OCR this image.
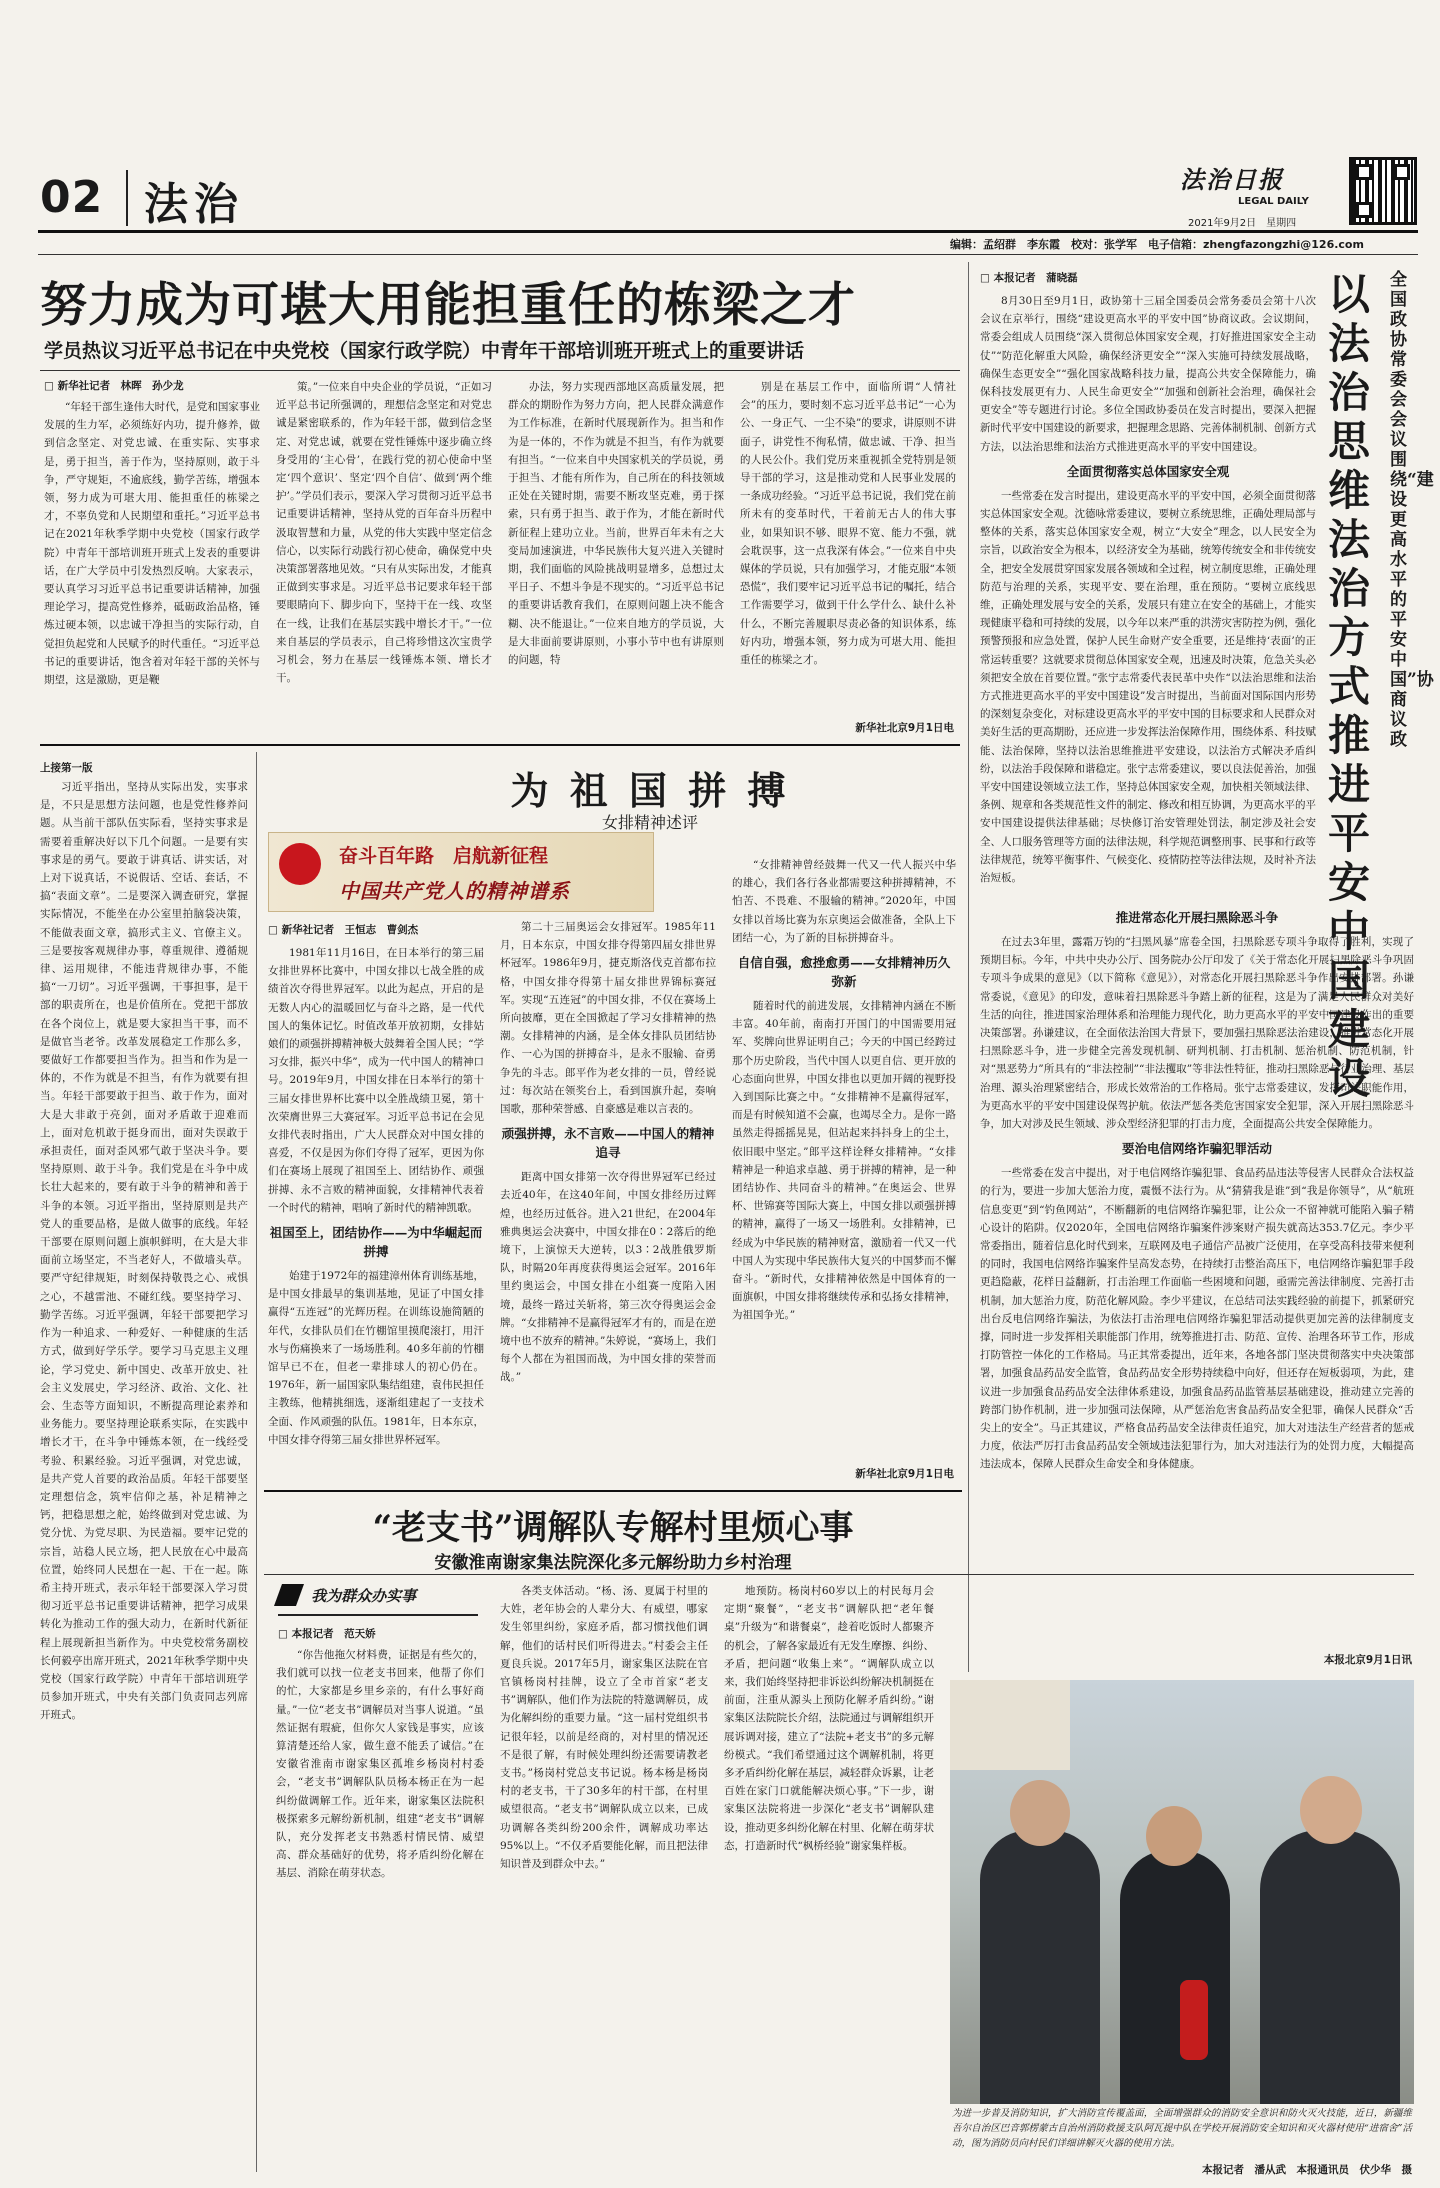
02 法治	法治日报
LEGAL DAILY
2021年9月2日　星期四
编辑：孟绍群　李东霞　校对：张学军　电子信箱：zhengfazongzhi@126.com
努力成为可堪大用能担重任的栋梁之才
学员热议习近平总书记在中央党校（国家行政学院）中青年干部培训班开班式上的重要讲话
□ 新华社记者　林晖　孙少龙

“年轻干部生逢伟大时代，是党和国家事业发展的生力军，必须练好内功，提升修养，做到信念坚定、对党忠诚、在重实际、实事求是，勇于担当，善于作为，坚持原则，敢于斗争，严守规矩，不逾底线，勤学苦练，增强本领，努力成为可堪大用、能担重任的栋梁之才，不辜负党和人民期望和重托。”习近平总书记在2021年秋季学期中央党校（国家行政学院）中青年干部培训班开班式上发表的重要讲话，在广大学员中引发热烈反响。大家表示，要认真学习习近平总书记重要讲话精神，加强理论学习，提高党性修养，砥砺政治品格，锤炼过硬本领，以忠诚干净担当的实际行动，自觉担负起党和人民赋予的时代重任。“习近平总书记的重要讲话，饱含着对年轻干部的关怀与期望，这是激励，更是鞭

策。”一位来自中央企业的学员说，“正如习近平总书记所强调的，理想信念坚定和对党忠诚是紧密联系的，作为年轻干部，做到信念坚定、对党忠诚，就要在党性锤炼中逐步确立终身受用的‘主心骨’，在践行党的初心使命中坚定‘四个意识’、坚定‘四个自信’、做到‘两个维护’。”学员们表示，要深入学习贯彻习近平总书记重要讲话精神，坚持从党的百年奋斗历程中汲取智慧和力量，从党的伟大实践中坚定信念信心，以实际行动践行初心使命，确保党中央决策部署落地见效。“只有从实际出发，才能真正做到实事求是。习近平总书记要求年轻干部要眼睛向下、脚步向下，坚持干在一线、攻坚在一线，让我们在基层实践中增长才干。”一位来自基层的学员表示，自己将珍惜这次宝贵学习机会，努力在基层一线锤炼本领、增长才干。

办法，努力实现西部地区高质量发展，把群众的期盼作为努力方向，把人民群众满意作为工作标准，在新时代展现新作为。担当和作为是一体的，不作为就是不担当，有作为就要有担当。“一位来自中央国家机关的学员说，勇于担当、才能有所作为，自己所在的科技领域正处在关键时期，需要不断攻坚克难，勇于探索，只有勇于担当、敢于作为，才能在新时代新征程上建功立业。当前，世界百年未有之大变局加速演进，中华民族伟大复兴进入关键时期，我们面临的风险挑战明显增多，总想过太平日子、不想斗争是不现实的。“习近平总书记的重要讲话教育我们，在原则问题上决不能含糊、决不能退让。”一位来自地方的学员说，大是大非面前要讲原则，小事小节中也有讲原则的问题，特

别是在基层工作中，面临所谓“人情社会”的压力，要时刻不忘习近平总书记“一心为公、一身正气、一尘不染”的要求，讲原则不讲面子，讲党性不徇私情，做忠诚、干净、担当的人民公仆。我们党历来重视抓全党特别是领导干部的学习，这是推动党和人民事业发展的一条成功经验。“习近平总书记说，我们党在前所未有的变革时代，干着前无古人的伟大事业，如果知识不够、眼界不宽、能力不强，就会耽误事，这一点我深有体会。”一位来自中央媒体的学员说，只有加强学习，才能克服“本领恐慌”，我们要牢记习近平总书记的嘱托，结合工作需要学习，做到干什么学什么、缺什么补什么，不断完善履职尽责必备的知识体系，练好内功，增强本领，努力成为可堪大用、能担重任的栋梁之才。

新华社北京9月1日电
□ 本报记者　蒲晓磊	全国政协常委会会议围绕“建设更高水平的平安中国”协商议政
以法治思维法治方式推进平安中国建设

8月30日至9月1日，政协第十三届全国委员会常务委员会第十八次会议在京举行，围绕“建设更高水平的平安中国”协商议政。会议期间，常委会组成人员围绕“深入贯彻总体国家安全观，打好推进国家安全主动仗”“防范化解重大风险，确保经济更安全”“深入实施可持续发展战略，确保生态更安全”“强化国家战略科技力量，提高公共安全保障能力，确保科技发展更有力、人民生命更安全”“加强和创新社会治理，确保社会更安全”等专题进行讨论。多位全国政协委员在发言时提出，要深入把握新时代平安中国建设的新要求，把握理念思路、完善体制机制、创新方式方法，以法治思维和法治方式推进更高水平的平安中国建设。

全面贯彻落实总体国家安全观

一些常委在发言时提出，建设更高水平的平安中国，必须全面贯彻落实总体国家安全观。沈德咏常委建议，要树立系统思维，正确处理局部与整体的关系，落实总体国家安全观，树立“大安全”理念，以人民安全为宗旨，以政治安全为根本，以经济安全为基础，统筹传统安全和非传统安全，把安全发展贯穿国家发展各领域和全过程，树立制度思维，正确处理防范与治理的关系，实现平安、要在治理，重在预防。“要树立底线思维，正确处理发展与安全的关系，发展只有建立在安全的基础上，才能实现健康平稳和可持续的发展，以今年以来严重的洪涝灾害防控为例，强化预警预报和应急处置，保护人民生命财产安全重要，还是维持‘表面’的正常运转重要？这就要求贯彻总体国家安全观，迅速及时决策，危急关头必须把安全放在首要位置。”张宁志常委代表民革中央作“以法治思维和法治方式推进更高水平的平安中国建设”发言时提出，当前面对国际国内形势的深刻复杂变化，对标建设更高水平的平安中国的目标要求和人民群众对美好生活的更高期盼，还应进一步发挥法治保障作用，围绕体系、科技赋能、法治保障，坚持以法治思维推进平安建设，以法治方式解决矛盾纠纷，以法治手段保障和谐稳定。张宁志常委建议，要以良法促善治，加强平安中国建设领域立法工作，坚持总体国家安全观，加快相关领域法律、条例、规章和各类规范性文件的制定、修改和相互协调，为更高水平的平安中国建设提供法律基础；尽快修订治安管理处罚法，制定涉及社会安全、人口服务管理等方面的法律法规，科学规范调整刑事、民事和行政等法律规范，统筹平衡事件、气候变化、疫情防控等法律法规，及时补齐法治短板。

推进常态化开展扫黑除恶斗争

在过去3年里，露霜万钧的“扫黑风暴”席卷全国，扫黑除恶专项斗争取得了胜利，实现了预期目标。今年，中共中央办公厅、国务院办公厅印发了《关于常态化开展扫黑除恶斗争巩固专项斗争成果的意见》（以下简称《意见》），对常态化开展扫黑除恶斗争作出安排部署。孙谦常委说，《意见》的印发，意味着扫黑除恶斗争踏上新的征程，这是为了满足人民群众对美好生活的向往，推进国家治理体系和治理能力现代化，助力更高水平的平安中国建设作出的重要决策部署。孙谦建议，在全面依法治国大背景下，要加强扫黑除恶法治建设，推进常态化开展扫黑除恶斗争，进一步健全完善发现机制、研判机制、打击机制、惩治机制、防范机制，针对“黑恶势力”所具有的“非法控制”“非法攫取”等非法性特征，推动扫黑除恶与行业治理、基层治理、源头治理紧密结合，形成长效常治的工作格局。张宁志常委建议，发挥司法职能作用，为更高水平的平安中国建设保驾护航。依法严惩各类危害国家安全犯罪，深入开展扫黑除恶斗争，加大对涉及民生领域、涉众型经济犯罪的打击力度，全面提高公共安全保障能力。

要治电信网络诈骗犯罪活动

一些常委在发言中提出，对于电信网络诈骗犯罪、食品药品违法等侵害人民群众合法权益的行为，要进一步加大惩治力度，震慑不法行为。从“猜猜我是谁”到“我是你领导”，从“航班信息变更”到“钓鱼网站”，不断翻新的电信网络诈骗犯罪，让公众一不留神就可能陷入骗子精心设计的陷阱。仅2020年，全国电信网络诈骗案件涉案财产损失就高达353.7亿元。李少平常委指出，随着信息化时代到来，互联网及电子通信产品被广泛使用，在享受高科技带来便利的同时，我国电信网络诈骗案件呈高发态势，在持续打击整治高压下，电信网络诈骗犯罪手段更趋隐蔽，花样日益翻新，打击治理工作面临一些困境和问题，亟需完善法律制度、完善打击机制，加大惩治力度，防范化解风险。李少平建议，在总结司法实践经验的前提下，抓紧研究出台反电信网络诈骗法，为依法打击治理电信网络诈骗犯罪活动提供更加完善的法律制度支撑，同时进一步发挥相关职能部门作用，统筹推进打击、防范、宣传、治理各环节工作，形成打防管控一体化的工作格局。马正其常委提出，近年来，各地各部门坚决贯彻落实中央决策部署，加强食品药品安全监管，食品药品安全形势持续稳中向好，但还存在短板弱项，为此，建议进一步加强食品药品安全法律体系建设，加强食品药品监管基层基础建设，推动建立完善的跨部门协作机制，进一步加强司法保障，从严惩治危害食品药品安全犯罪，确保人民群众“舌尖上的安全”。马正其建议，严格食品药品安全法律责任追究，加大对违法生产经营者的惩戒力度，依法严厉打击食品药品安全领域违法犯罪行为，加大对违法行为的处罚力度，大幅提高违法成本，保障人民群众生命安全和身体健康。

本报北京9月1日讯
上接第一版

习近平指出，坚持从实际出发，实事求是，不只是思想方法问题，也是党性修养问题。从当前干部队伍实际看，坚持实事求是需要着重解决好以下几个问题。一是要有实事求是的勇气。要敢于讲真话、讲实话，对上对下说真话，不说假话、空话、套话，不搞“表面文章”。二是要深入调查研究，掌握实际情况，不能坐在办公室里拍脑袋决策，不能做表面文章，搞形式主义、官僚主义。三是要按客观规律办事，尊重规律、遵循规律、运用规律，不能违背规律办事，不能搞“一刀切”。习近平强调，干事担事，是干部的职责所在，也是价值所在。党把干部放在各个岗位上，就是要大家担当干事，而不是做官当老爷。改革发展稳定工作那么多，要做好工作都要担当作为。担当和作为是一体的，不作为就是不担当，有作为就要有担当。年轻干部要敢于担当、敢于作为，面对大是大非敢于亮剑，面对矛盾敢于迎难而上，面对危机敢于挺身而出，面对失误敢于承担责任，面对歪风邪气敢于坚决斗争。要坚持原则、敢于斗争。我们党是在斗争中成长壮大起来的，要有敢于斗争的精神和善于斗争的本领。习近平指出，坚持原则是共产党人的重要品格，是做人做事的底线。年轻干部要在原则问题上旗帜鲜明，在大是大非面前立场坚定，不当老好人，不做墙头草。要严守纪律规矩，时刻保持敬畏之心、戒惧之心，不越雷池、不碰红线。要坚持学习、勤学苦练。习近平强调，年轻干部要把学习作为一种追求、一种爱好、一种健康的生活方式，做到好学乐学。要学习马克思主义理论，学习党史、新中国史、改革开放史、社会主义发展史，学习经济、政治、文化、社会、生态等方面知识，不断提高理论素养和业务能力。要坚持理论联系实际，在实践中增长才干，在斗争中锤炼本领，在一线经受考验、积累经验。习近平强调，对党忠诚，是共产党人首要的政治品质。年轻干部要坚定理想信念，筑牢信仰之基，补足精神之钙，把稳思想之舵，始终做到对党忠诚、为党分忧、为党尽职、为民造福。要牢记党的宗旨，站稳人民立场，把人民放在心中最高位置，始终同人民想在一起、干在一起。陈希主持开班式，表示年轻干部要深入学习贯彻习近平总书记重要讲话精神，把学习成果转化为推动工作的强大动力，在新时代新征程上展现新担当新作为。中央党校常务副校长何毅亭出席开班式，2021年秋季学期中央党校（国家行政学院）中青年干部培训班学员参加开班式，中央有关部门负责同志列席开班式。

为 祖 国 拼 搏
女排精神述评
奋斗百年路　启航新征程
中国共产党人的精神谱系
□ 新华社记者　王恒志　曹剑杰

1981年11月16日，在日本举行的第三届女排世界杯比赛中，中国女排以七战全胜的成绩首次夺得世界冠军。以此为起点，开启的是无数人内心的温暖回忆与奋斗之路，是一代代国人的集体记忆。时值改革开放初期，女排姑娘们的顽强拼搏精神极大鼓舞着全国人民；“学习女排，振兴中华”，成为一代中国人的精神口号。2019年9月，中国女排在日本举行的第十三届女排世界杯比赛中以全胜战绩卫冕，第十次荣膺世界三大赛冠军。习近平总书记在会见女排代表时指出，广大人民群众对中国女排的喜爱，不仅是因为你们夺得了冠军，更因为你们在赛场上展现了祖国至上、团结协作、顽强拼搏、永不言败的精神面貌，女排精神代表着一个时代的精神，唱响了新时代的精神凯歌。

祖国至上，团结协作——为中华崛起而拼搏

始建于1972年的福建漳州体育训练基地，是中国女排最早的集训基地，见证了中国女排赢得“五连冠”的光辉历程。在训练设施简陋的年代，女排队员们在竹棚馆里摸爬滚打，用汗水与伤痛换来了一场场胜利。40多年前的竹棚馆早已不在，但老一辈排球人的初心仍在。1976年，新一届国家队集结组建，袁伟民担任主教练，他精挑细选，逐渐组建起了一支技术全面、作风顽强的队伍。1981年，日本东京，中国女排夺得第三届女排世界杯冠军。

第二十三届奥运会女排冠军。1985年11月，日本东京，中国女排夺得第四届女排世界杯冠军。1986年9月，捷克斯洛伐克首都布拉格，中国女排夺得第十届女排世界锦标赛冠军。实现“五连冠”的中国女排，不仅在赛场上所向披靡，更在全国掀起了学习女排精神的热潮。女排精神的内涵，是全体女排队员团结协作、一心为国的拼搏奋斗，是永不服输、奋勇争先的斗志。郎平作为老女排的一员，曾经说过：每次站在领奖台上，看到国旗升起，奏响国歌，那种荣誉感、自豪感是难以言表的。

顽强拼搏，永不言败——中国人的精神追寻

距离中国女排第一次夺得世界冠军已经过去近40年，在这40年间，中国女排经历过辉煌，也经历过低谷。进入21世纪，在2004年雅典奥运会决赛中，中国女排在0∶2落后的绝境下，上演惊天大逆转，以3∶2战胜俄罗斯队，时隔20年再度获得奥运会冠军。2016年里约奥运会，中国女排在小组赛一度陷入困境，最终一路过关斩将，第三次夺得奥运会金牌。“女排精神不是赢得冠军才有的，而是在逆境中也不放弃的精神。”朱婷说，“赛场上，我们每个人都在为祖国而战，为中国女排的荣誉而战。”

“女排精神曾经鼓舞一代又一代人振兴中华的雄心，我们各行各业都需要这种拼搏精神，不怕苦、不畏难、不服输的精神。”2020年，中国女排以首场比赛为东京奥运会做准备，全队上下团结一心，为了新的目标拼搏奋斗。

自信自强，愈挫愈勇——女排精神历久弥新

随着时代的前进发展，女排精神内涵在不断丰富。40年前，南南打开国门的中国需要用冠军、奖牌向世界证明自己；今天的中国已经跨过那个历史阶段，当代中国人以更自信、更开放的心态面向世界，中国女排也以更加开阔的视野投入到国际比赛之中。“女排精神不是赢得冠军，而是有时候知道不会赢，也竭尽全力。是你一路虽然走得摇摇晃晃，但站起来抖抖身上的尘土，依旧眼中坚定。”郎平这样诠释女排精神。“女排精神是一种追求卓越、勇于拼搏的精神，是一种团结协作、共同奋斗的精神。”在奥运会、世界杯、世锦赛等国际大赛上，中国女排以顽强拼搏的精神，赢得了一场又一场胜利。女排精神，已经成为中华民族的精神财富，激励着一代又一代中国人为实现中华民族伟大复兴的中国梦而不懈奋斗。“新时代，女排精神依然是中国体育的一面旗帜，中国女排将继续传承和弘扬女排精神，为祖国争光。”

新华社北京9月1日电
“老支书”调解队专解村里烦心事
安徽淮南谢家集法院深化多元解纷助力乡村治理
我为群众办实事
□ 本报记者　范天娇

“你告他拖欠材料费，证据是有些欠的，我们就可以找一位老支书回来，他帮了你们的忙，大家都是乡里乡亲的，有什么事好商量。”一位“老支书”调解员对当事人说道。“虽然证据有瑕疵，但你欠人家钱是事实，应该算清楚还给人家，做生意不能丢了诚信。”在安徽省淮南市谢家集区孤堆乡杨岗村村委会，“老支书”调解队队员杨本杨正在为一起纠纷做调解工作。近年来，谢家集区法院积极探索多元解纷新机制，组建“老支书”调解队，充分发挥老支书熟悉村情民情、威望高、群众基础好的优势，将矛盾纠纷化解在基层、消除在萌芽状态。

各类支体活动。“杨、汤、夏属于村里的大姓，老年协会的人辈分大、有威望，哪家发生邻里纠纷，家庭矛盾，都习惯找他们调解，他们的话村民们听得进去。”村委会主任夏良兵说。2017年5月，谢家集区法院在官官镇杨岗村挂牌，设立了全市首家“老支书”调解队，他们作为法院的特邀调解员，成为化解纠纷的重要力量。“这一届村党组织书记很年轻，以前是经商的，对村里的情况还不是很了解，有时候处理纠纷还需要请教老支书。”杨岗村党总支书记说。杨本杨是杨岗村的老支书，干了30多年的村干部，在村里威望很高。“老支书”调解队成立以来，已成功调解各类纠纷200余件，调解成功率达95%以上。“不仅矛盾要能化解，而且把法律知识普及到群众中去。”

地预防。杨岗村60岁以上的村民每月会定期“聚餐”，“老支书”调解队把“老年餐桌”升级为“和谐餐桌”，趁着吃饭时人都聚齐的机会，了解各家最近有无发生摩擦、纠纷、矛盾，把问题“收集上来”。“调解队成立以来，我们始终坚持把非诉讼纠纷解决机制挺在前面，注重从源头上预防化解矛盾纠纷。”谢家集区法院院长介绍，法院通过与调解组织开展诉调对接，建立了“法院+老支书”的多元解纷模式。“我们希望通过这个调解机制，将更多矛盾纠纷化解在基层，减轻群众诉累，让老百姓在家门口就能解决烦心事。”下一步，谢家集区法院将进一步深化“老支书”调解队建设，推动更多纠纷化解在村里、化解在萌芽状态，打造新时代“枫桥经验”谢家集样板。

为进一步普及消防知识，扩大消防宣传覆盖面，全面增强群众的消防安全意识和防火灭火技能，近日，新疆维吾尔自治区巴音郭楞蒙古自治州消防救援支队阿瓦提中队在学校开展消防安全知识和灭火器材使用“进宿舍”活动，图为消防员向村民们详细讲解灭火器的使用方法。
本报记者　潘从武　本报通讯员　伏少华　摄
